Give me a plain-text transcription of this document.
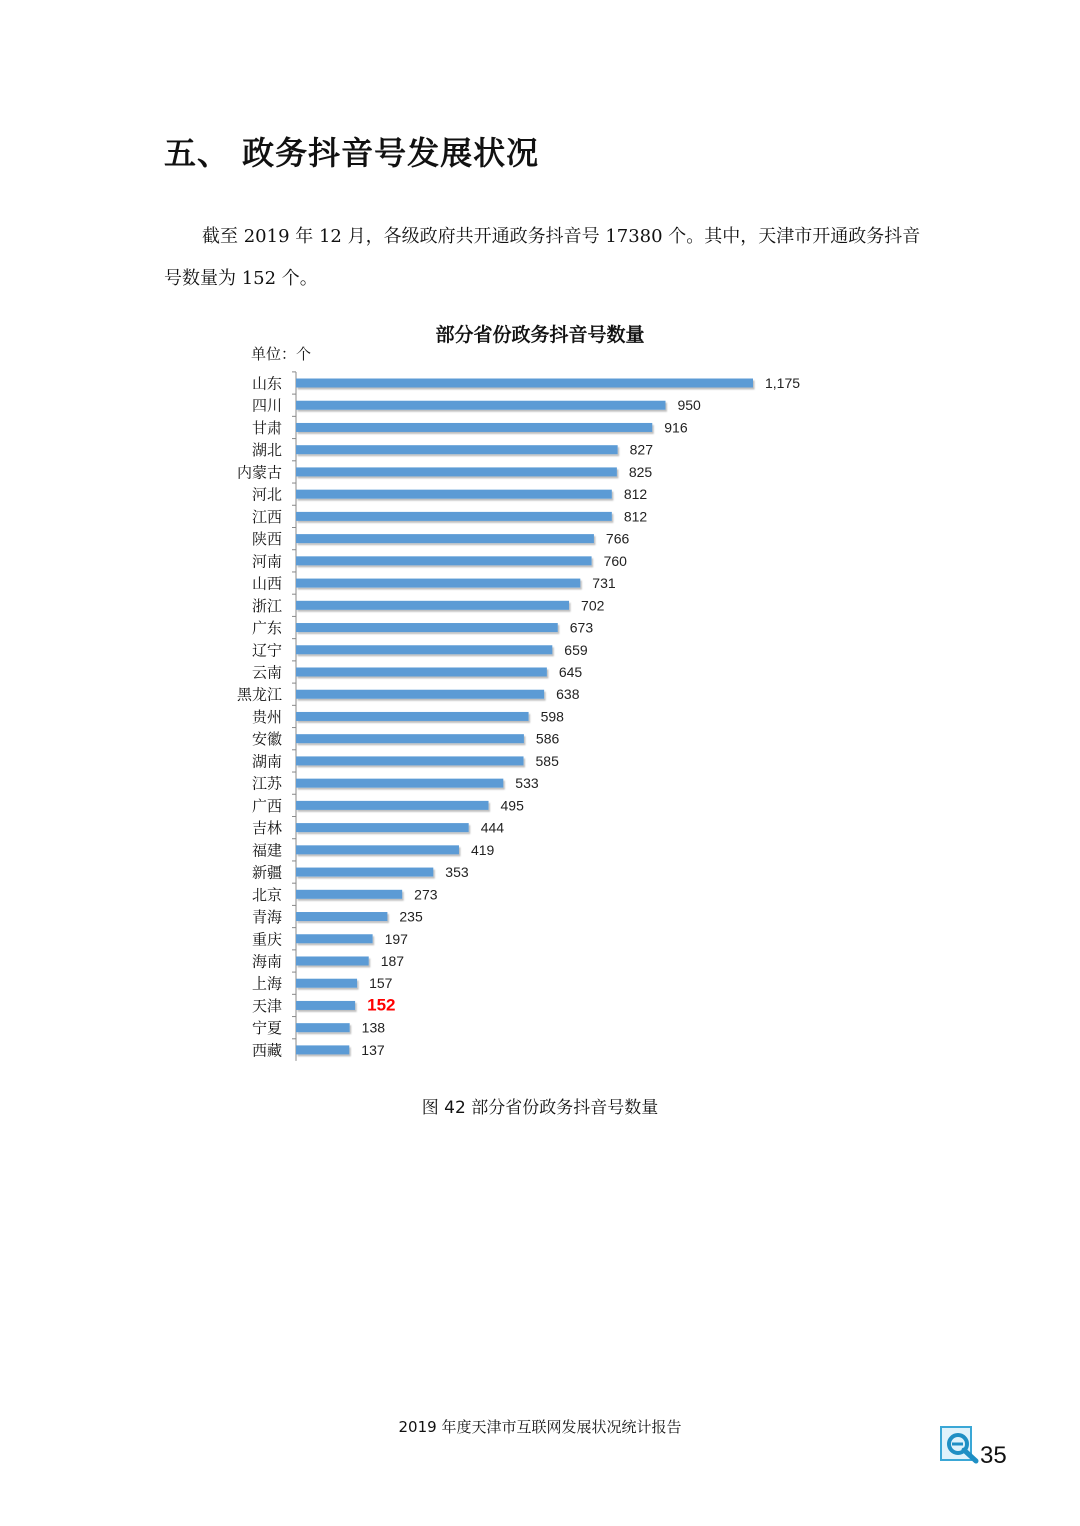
五、 政务抖音号发展状况

截至 2019 年 12 月，各级政府共开通政务抖音号 17380 个。其中，天津市开通政务抖音

号数量为 152 个。

部分省份政务抖音号数量
单位：个
山东	1,175
四川	950
甘肃	916
湖北	827
内蒙古	825
河北	812
江西	812
陕西	766
河南	760
山西	731
浙江	702
广东	673
辽宁	659
云南	645
黑龙江	638
贵州	598
安徽	586
湖南	585
江苏	533
广西	495
吉林	444
福建	419
新疆	353
北京	273
青海	235
重庆	197
海南	187
上海	157
天津	152
宁夏	138
西藏	137
图 42 部分省份政务抖音号数量
2019 年度天津市互联网发展状况统计报告
35
